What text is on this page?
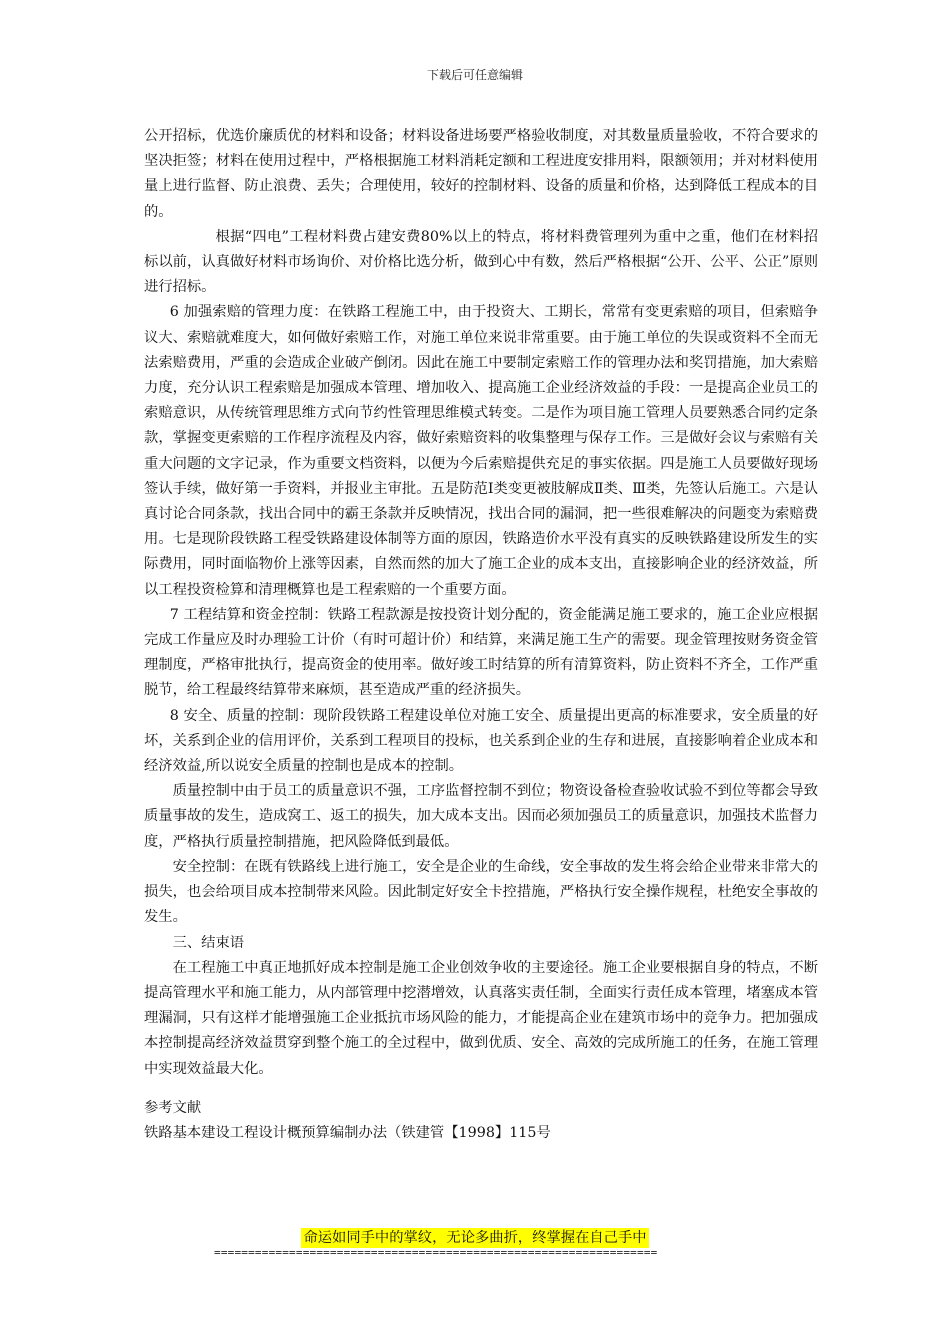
下载后可任意编辑

公开招标，优选价廉质优的材料和设备；材料设备进场要严格验收制度，对其数量质量验收，不符合要求的坚决拒签；材料在使用过程中，严格根据施工材料消耗定额和工程进度安排用料，限额领用；并对材料使用量上进行监督、防止浪费、丢失；合理使用，较好的控制材料、设备的质量和价格，达到降低工程成本的目的。

根据“四电”工程材料费占建安费80%以上的特点，将材料费管理列为重中之重，他们在材料招标以前，认真做好材料市场询价、对价格比选分析，做到心中有数，然后严格根据“公开、公平、公正”原则进行招标。

6 加强索赔的管理力度：在铁路工程施工中，由于投资大、工期长，常常有变更索赔的项目，但索赔争议大、索赔就难度大，如何做好索赔工作，对施工单位来说非常重要。由于施工单位的失误或资料不全而无法索赔费用，严重的会造成企业破产倒闭。因此在施工中要制定索赔工作的管理办法和奖罚措施，加大索赔力度，充分认识工程索赔是加强成本管理、增加收入、提高施工企业经济效益的手段：一是提高企业员工的索赔意识，从传统管理思维方式向节约性管理思维模式转变。二是作为项目施工管理人员要熟悉合同约定条款，掌握变更索赔的工作程序流程及内容，做好索赔资料的收集整理与保存工作。三是做好会议与索赔有关重大问题的文字记录，作为重要文档资料，以便为今后索赔提供充足的事实依据。四是施工人员要做好现场签认手续，做好第一手资料，并报业主审批。五是防范Ⅰ类变更被肢解成Ⅱ类、Ⅲ类，先签认后施工。六是认真讨论合同条款，找出合同中的霸王条款并反映情况，找出合同的漏洞，把一些很难解决的问题变为索赔费用。七是现阶段铁路工程受铁路建设体制等方面的原因，铁路造价水平没有真实的反映铁路建设所发生的实际费用，同时面临物价上涨等因素，自然而然的加大了施工企业的成本支出，直接影响企业的经济效益，所以工程投资检算和清理概算也是工程索赔的一个重要方面。

7 工程结算和资金控制：铁路工程款源是按投资计划分配的，资金能满足施工要求的，施工企业应根据完成工作量应及时办理验工计价（有时可超计价）和结算，来满足施工生产的需要。现金管理按财务资金管理制度，严格审批执行，提高资金的使用率。做好竣工时结算的所有清算资料，防止资料不齐全，工作严重脱节，给工程最终结算带来麻烦，甚至造成严重的经济损失。

8 安全、质量的控制：现阶段铁路工程建设单位对施工安全、质量提出更高的标准要求，安全质量的好坏，关系到企业的信用评价，关系到工程项目的投标，也关系到企业的生存和进展，直接影响着企业成本和经济效益,所以说安全质量的控制也是成本的控制。

质量控制中由于员工的质量意识不强，工序监督控制不到位；物资设备检查验收试验不到位等都会导致质量事故的发生，造成窝工、返工的损失，加大成本支出。因而必须加强员工的质量意识，加强技术监督力度，严格执行质量控制措施，把风险降低到最低。

安全控制：在既有铁路线上进行施工，安全是企业的生命线，安全事故的发生将会给企业带来非常大的损失，也会给项目成本控制带来风险。因此制定好安全卡控措施，严格执行安全操作规程，杜绝安全事故的发生。

三、结束语

在工程施工中真正地抓好成本控制是施工企业创效争收的主要途径。施工企业要根据自身的特点，不断提高管理水平和施工能力，从内部管理中挖潜增效，认真落实责任制，全面实行责任成本管理，堵塞成本管理漏洞，只有这样才能增强施工企业抵抗市场风险的能力，才能提高企业在建筑市场中的竞争力。把加强成本控制提高经济效益贯穿到整个施工的全过程中，做到优质、安全、高效的完成所施工的任务，在施工管理中实现效益最大化。

参考文献

铁路基本建设工程设计概预算编制办法（铁建管【1998】115号

命运如同手中的掌纹，无论多曲折，终掌握在自己手中
=================================================================
